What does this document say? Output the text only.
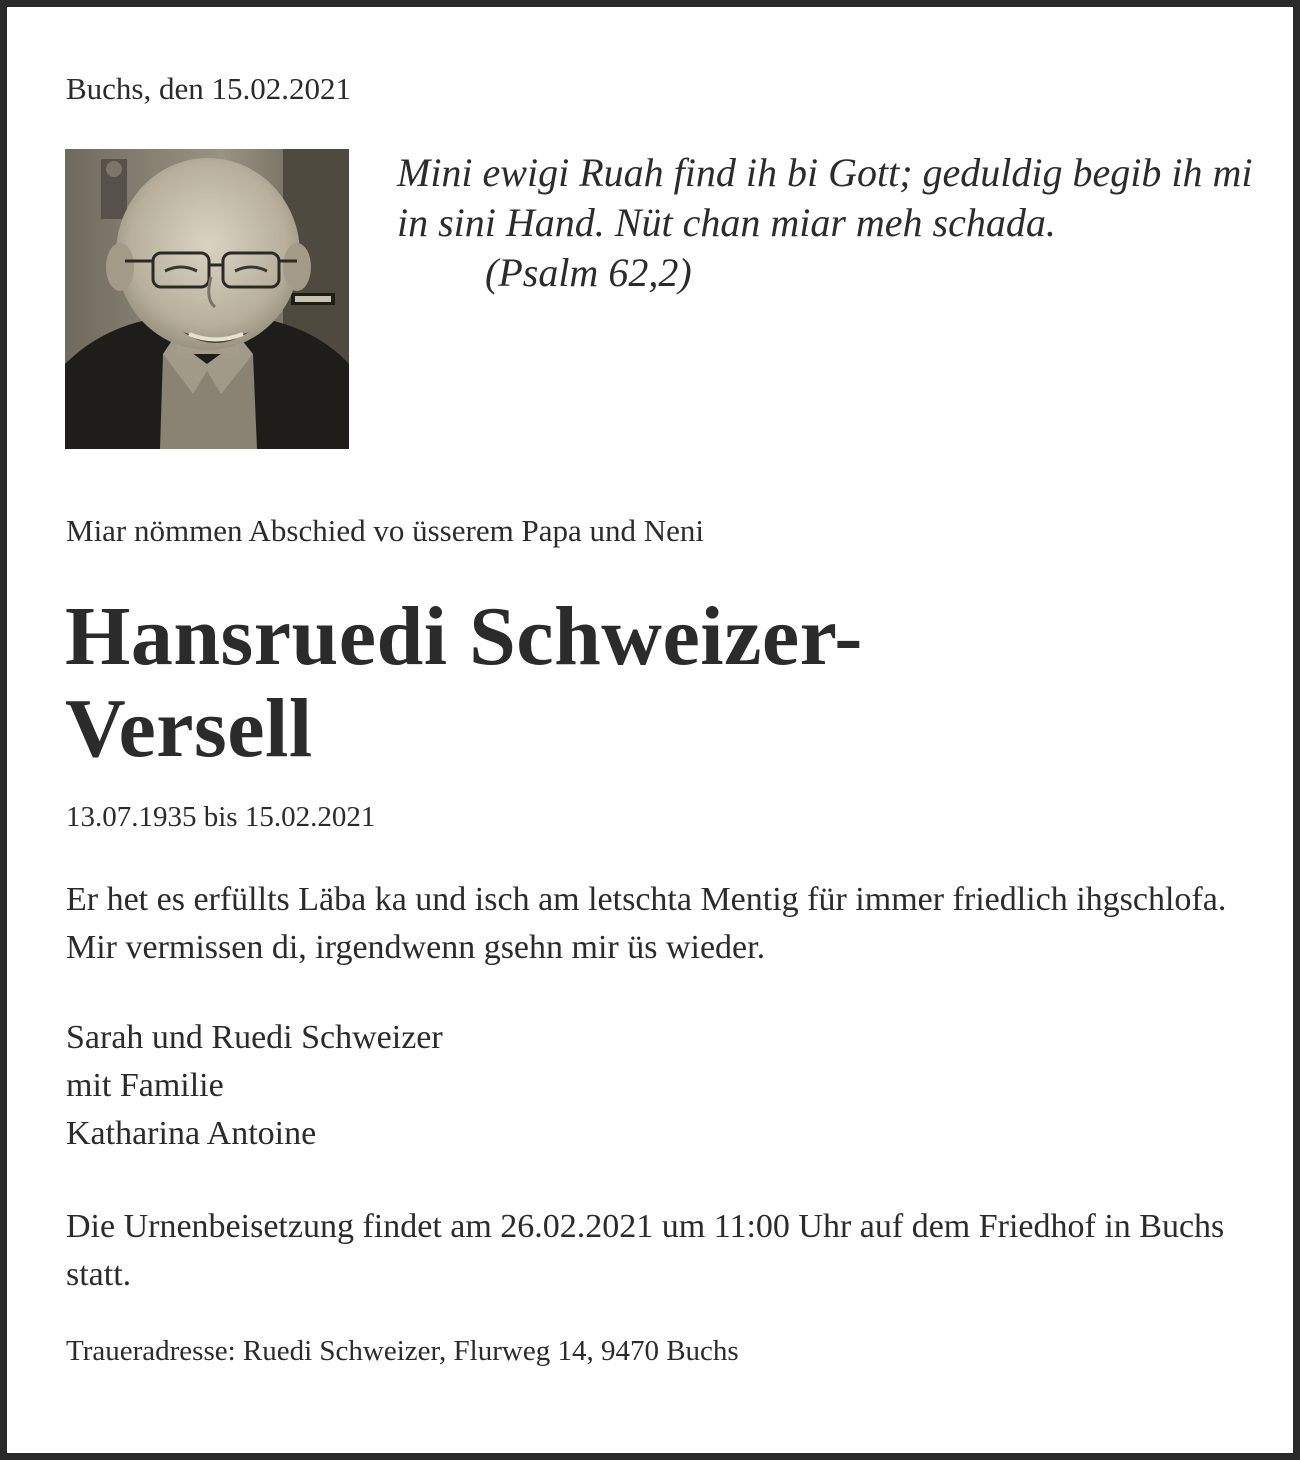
Buchs, den 15.02.2021

Mini ewigi Ruah find ih bi Gott; geduldig begib ih mi in sini Hand. Nüt chan miar meh schada.(Psalm 62,2)

Miar nömmen Abschied vo üsserem Papa und Neni

Hansruedi Schweizer-
Versell

13.07.1935 bis 15.02.2021

Er het es erfüllts Läba ka und isch am letschta Mentig für immer friedlich ihgschlofa. Mir vermissen di, irgendwenn gsehn mir üs wieder.

Sarah und Ruedi Schweizer
mit Familie
Katharina Antoine

Die Urnenbeisetzung findet am 26.02.2021 um 11:00 Uhr auf dem Friedhof in Buchs statt.

Traueradresse: Ruedi Schweizer, Flurweg 14, 9470 Buchs
